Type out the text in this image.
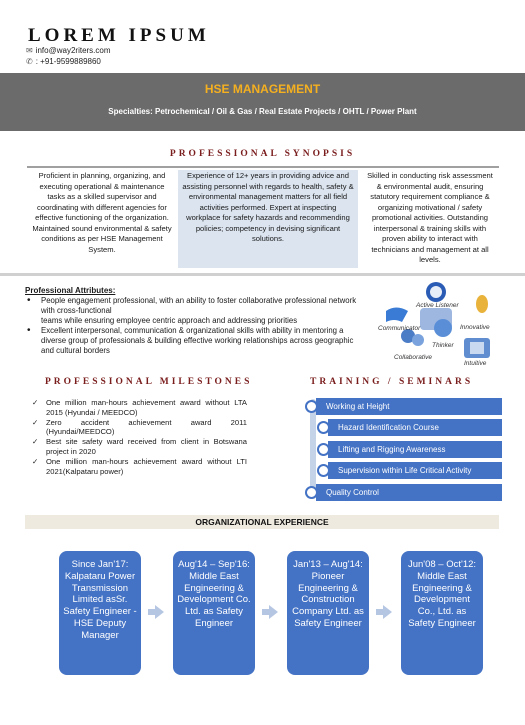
LOREM IPSUM
✉ info@way2riters.com
✆ : +91-9599889860
HSE MANAGEMENT
Specialties: Petrochemical / Oil & Gas / Real Estate Projects / OHTL / Power Plant
PROFESSIONAL SYNOPSIS
Proficient in planning, organizing, and executing operational & maintenance tasks as a skilled supervisor and coordinating with different agencies for effective functioning of the organization. Maintained sound environmental & safety conditions as per HSE Management System.
Experience of 12+ years in providing advice and assisting personnel with regards to health, safety & environmental management matters for all field activities performed. Expert at inspecting workplace for safety hazards and recommending policies; competency in devising significant solutions.
Skilled in conducting risk assessment & environmental audit, ensuring statutory requirement compliance & organizing motivational / safety promotional activities. Outstanding interpersonal & training skills with proven ability to interact with technicians and management at all levels.
Professional Attributes:
• People engagement professional, with an ability to foster collaborative professional network with cross-functional
teams while ensuring employee centric approach and addressing priorities
• Excellent interpersonal, communication & organizational skills with ability in mentoring a diverse group of professionals & building effective working relationships across geographic and cultural borders
Active Listener
Communicator	Innovative
Thinker
Collaborative
Intuitive
PROFESSIONAL MILESTONES
✓ One million man-hours achievement award without LTA 2015 (Hyundai / MEEDCO)
✓ Zero accident achievement award 2011 (Hyundai/MEEDCO)
✓ Best site safety ward received from client in Botswana project in 2020
✓ One million man-hours achievement award without LTI 2021(Kalpataru power)
TRAINING / SEMINARS
Working at Height
Hazard Identification Course
Lifting and Rigging Awareness
Supervision within Life Critical Activity
Quality Control
ORGANIZATIONAL EXPERIENCE
Since Jan'17: Kalpataru Power Transmission Limited asSr. Safety Engineer - HSE Deputy Manager
Aug'14 – Sep'16: Middle East Engineering & Development Co. Ltd. as Safety Engineer
Jan'13 – Aug'14: Pioneer Engineering & Construction Company Ltd. as Safety Engineer
Jun'08 – Oct'12: Middle East Engineering & Development Co., Ltd. as Safety Engineer
